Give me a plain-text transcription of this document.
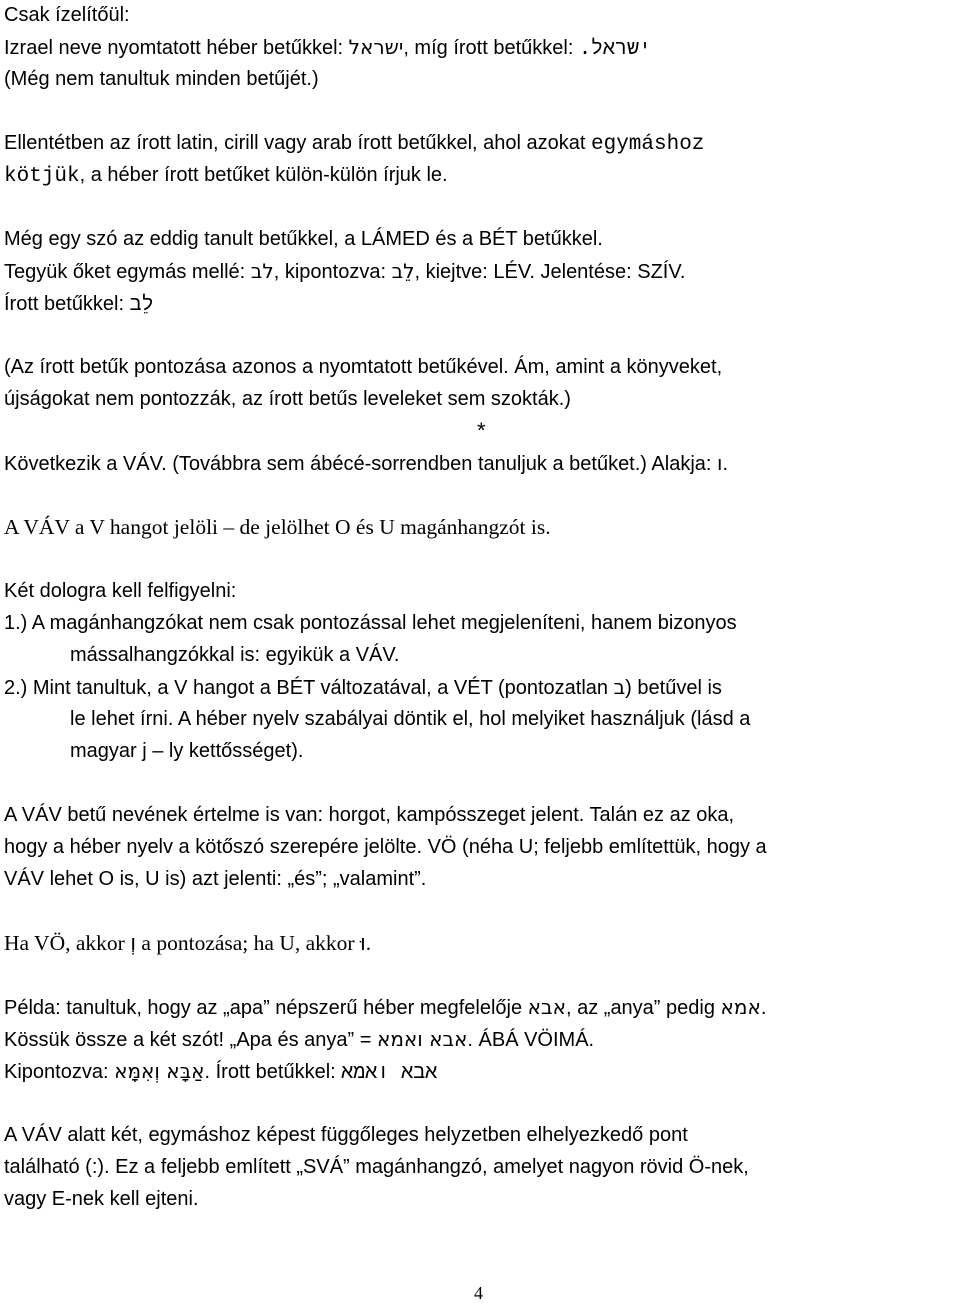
Csak ízelítőül:
Izrael neve nyomtatott héber betűkkel: ישראל, míg írott betűkkel: ישראל.
(Még nem tanultuk minden betűjét.)
Ellentétben az írott latin, cirill vagy arab írott betűkkel, ahol azokat egymáshoz
kötjük, a héber írott betűket külön-külön írjuk le.
Még egy szó az eddig tanult betűkkel, a LÁMED és a BÉT betűkkel.
Tegyük őket egymás mellé: לב, kipontozva: לֵב, kiejtve: LÉV. Jelentése: SZÍV.
Írott betűkkel: לֵב
(Az írott betűk pontozása azonos a nyomtatott betűkével. Ám, amint a könyveket,
újságokat nem pontozzák, az írott betűs leveleket sem szokták.)
*
Következik a VÁV. (Továbbra sem ábécé-sorrendben tanuljuk a betűket.) Alakja: ו.
A VÁV a V hangot jelöli – de jelölhet O és U magánhangzót is.
Két dologra kell felfigyelni:
1.) A magánhangzókat nem csak pontozással lehet megjeleníteni, hanem bizonyos
mássalhangzókkal is: egyikük a VÁV.
2.) Mint tanultuk, a V hangot a BÉT változatával, a VÉT (pontozatlan ב) betűvel is
le lehet írni. A héber nyelv szabályai döntik el, hol melyiket használjuk (lásd a
magyar j – ly kettősséget).
A VÁV betű nevének értelme is van: horgot, kampósszeget jelent. Talán ez az oka,
hogy a héber nyelv a kötőszó szerepére jelölte. VÖ (néha U; feljebb említettük, hogy a
VÁV lehet O is, U is) azt jelenti: „és”; „valamint”.
Ha VÖ, akkor וְ a pontozása; ha U, akkor וּ.
Példa: tanultuk, hogy az „apa” népszerű héber megfelelője אבא, az „anya” pedig אמא.
Kössük össze a két szót! „Apa és anya” = אבא ואמא. ÁBÁ VÖIMÁ.
Kipontozva: אַבָּא וְאִמָּא. Írott betűkkel: אבא ואמא
A VÁV alatt két, egymáshoz képest függőleges helyzetben elhelyezkedő pont
található (:). Ez a feljebb említett „SVÁ” magánhangzó, amelyet nagyon rövid Ö-nek,
vagy E-nek kell ejteni.
4
